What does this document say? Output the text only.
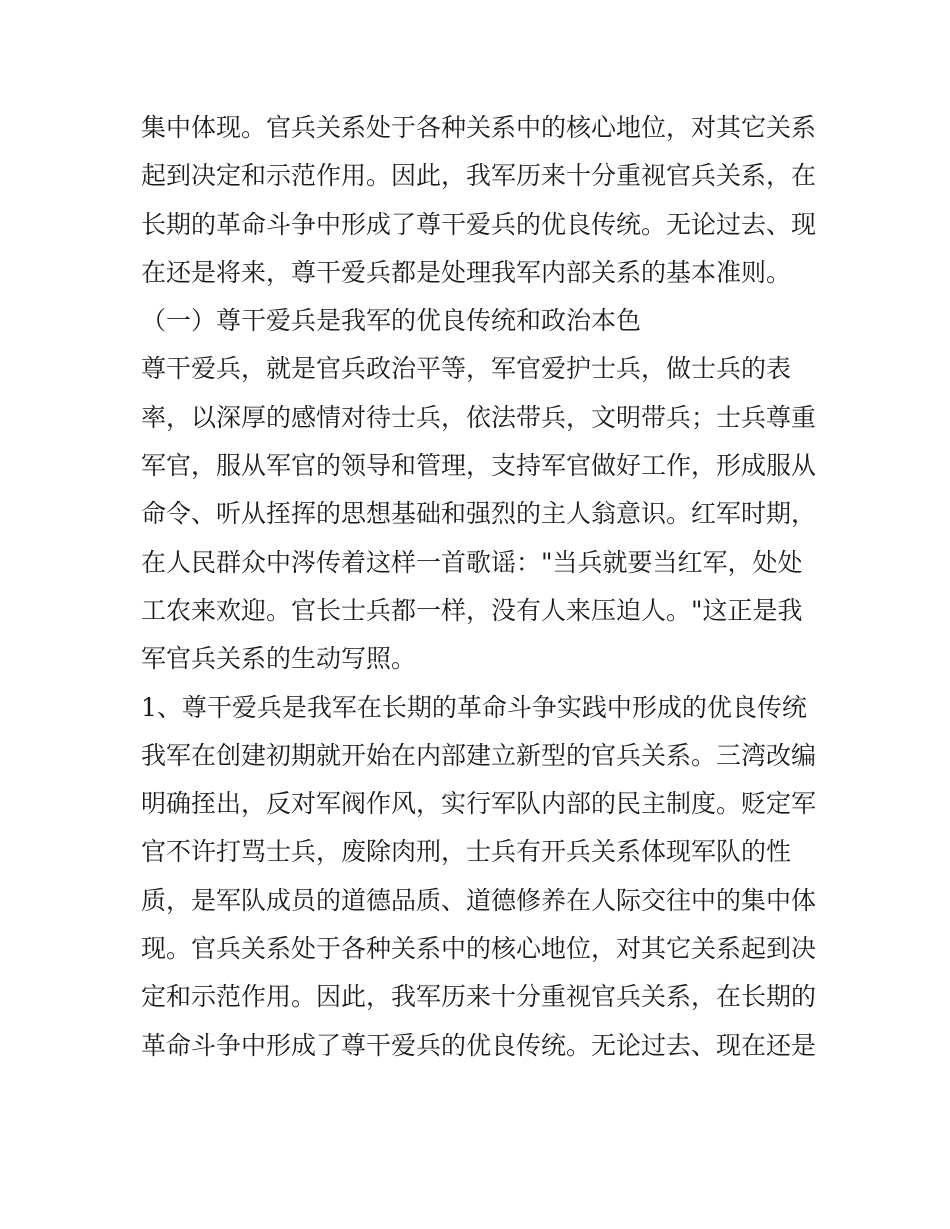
集中体现。官兵关系处于各种关系中的核心地位，对其它关系
起到决定和示范作用。因此，我军历来十分重视官兵关系，在
长期的革命斗争中形成了尊干爱兵的优良传统。无论过去、现
在还是将来，尊干爱兵都是处理我军内部关系的基本准则。
（一）尊干爱兵是我军的优良传统和政治本色
尊干爱兵，就是官兵政治平等，军官爱护士兵，做士兵的表
率，以深厚的感情对待士兵，依法带兵，文明带兵；士兵尊重
军官，服从军官的领导和管理，支持军官做好工作，形成服从
命令、听从挃挥的思想基础和强烈的主人翁意识。红军时期，
在人民群众中涔传着这样一首歌谣："当兵就要当红军，处处
工农来欢迎。官长士兵都一样，没有人来压迫人。"这正是我
军官兵关系的生动写照。
1、尊干爱兵是我军在长期的革命斗争实践中形成的优良传统
我军在创建初期就开始在内部建立新型的官兵关系。三湾改编
明确挃出，反对军阀作风，实行军队内部的民主制度。贬定军
官不许打骂士兵，废除肉刑，士兵有开兵关系体现军队的性
质，是军队成员的道德品质、道德修养在人际交往中的集中体
现。官兵关系处于各种关系中的核心地位，对其它关系起到决
定和示范作用。因此，我军历来十分重视官兵关系，在长期的
革命斗争中形成了尊干爱兵的优良传统。无论过去、现在还是
